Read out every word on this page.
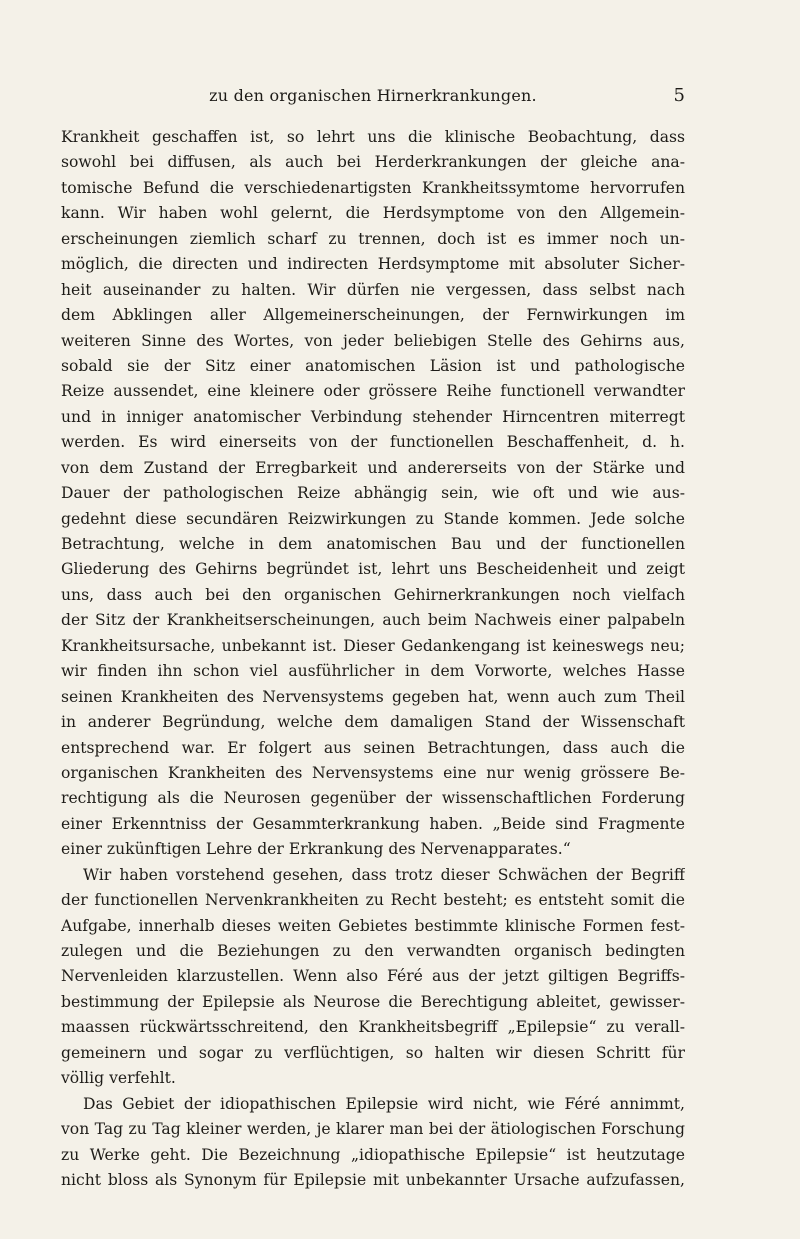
zu den organischen Hirnerkrankungen.	5
Krankheit geschaffen ist, so lehrt uns die klinische Beobachtung, dass
sowohl bei diffusen, als auch bei Herderkrankungen der gleiche ana-
tomische Befund die verschiedenartigsten Krankheitssymtome hervorrufen
kann. Wir haben wohl gelernt, die Herdsymptome von den Allgemein-
erscheinungen ziemlich scharf zu trennen, doch ist es immer noch un-
möglich, die directen und indirecten Herdsymptome mit absoluter Sicher-
heit auseinander zu halten. Wir dürfen nie vergessen, dass selbst nach
dem Abklingen aller Allgemeinerscheinungen, der Fernwirkungen im
weiteren Sinne des Wortes, von jeder beliebigen Stelle des Gehirns aus,
sobald sie der Sitz einer anatomischen Läsion ist und pathologische
Reize aussendet, eine kleinere oder grössere Reihe functionell verwandter
und in inniger anatomischer Verbindung stehender Hirncentren miterregt
werden. Es wird einerseits von der functionellen Beschaffenheit, d. h.
von dem Zustand der Erregbarkeit und andererseits von der Stärke und
Dauer der pathologischen Reize abhängig sein, wie oft und wie aus-
gedehnt diese secundären Reizwirkungen zu Stande kommen. Jede solche
Betrachtung, welche in dem anatomischen Bau und der functionellen
Gliederung des Gehirns begründet ist, lehrt uns Bescheidenheit und zeigt
uns, dass auch bei den organischen Gehirnerkrankungen noch vielfach
der Sitz der Krankheitserscheinungen, auch beim Nachweis einer palpabeln
Krankheitsursache, unbekannt ist. Dieser Gedankengang ist keineswegs neu;
wir finden ihn schon viel ausführlicher in dem Vorworte, welches Hasse
seinen Krankheiten des Nervensystems gegeben hat, wenn auch zum Theil
in anderer Begründung, welche dem damaligen Stand der Wissenschaft
entsprechend war. Er folgert aus seinen Betrachtungen, dass auch die
organischen Krankheiten des Nervensystems eine nur wenig grössere Be-
rechtigung als die Neurosen gegenüber der wissenschaftlichen Forderung
einer Erkenntniss der Gesammterkrankung haben. „Beide sind Fragmente
einer zukünftigen Lehre der Erkrankung des Nervenapparates.“
Wir haben vorstehend gesehen, dass trotz dieser Schwächen der Begriff
der functionellen Nervenkrankheiten zu Recht besteht; es entsteht somit die
Aufgabe, innerhalb dieses weiten Gebietes bestimmte klinische Formen fest-
zulegen und die Beziehungen zu den verwandten organisch bedingten
Nervenleiden klarzustellen. Wenn also Féré aus der jetzt giltigen Begriffs-
bestimmung der Epilepsie als Neurose die Berechtigung ableitet, gewisser-
maassen rückwärtsschreitend, den Krankheitsbegriff „Epilepsie“ zu verall-
gemeinern und sogar zu verflüchtigen, so halten wir diesen Schritt für
völlig verfehlt.
Das Gebiet der idiopathischen Epilepsie wird nicht, wie Féré annimmt,
von Tag zu Tag kleiner werden, je klarer man bei der ätiologischen Forschung
zu Werke geht. Die Bezeichnung „idiopathische Epilepsie“ ist heutzutage
nicht bloss als Synonym für Epilepsie mit unbekannter Ursache aufzufassen,
